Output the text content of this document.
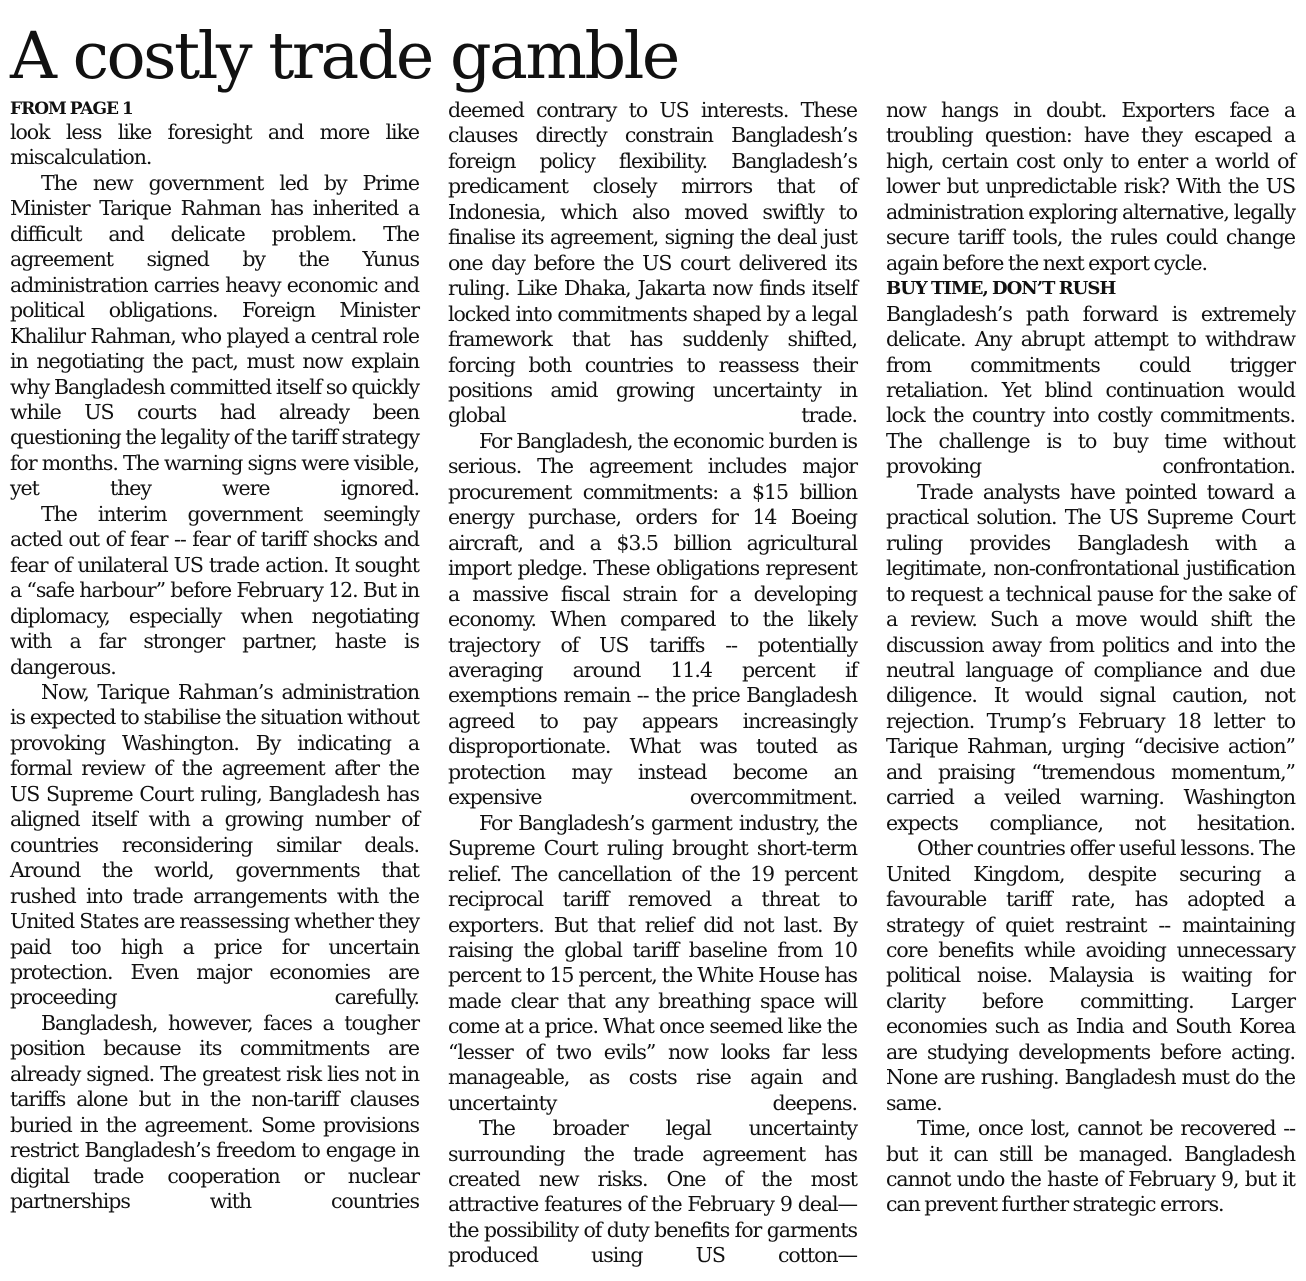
A costly trade gamble
FROM PAGE 1

look less like foresight and more like miscalculation.

The new government led by Prime Minister Tarique Rahman has inherited a difficult and delicate problem. The agreement signed by the Yunus administration carries heavy economic and political obligations. Foreign Minister Khalilur Rahman, who played a central role in negotiating the pact, must now explain why Bangladesh committed itself so quickly while US courts had already been questioning the legality of the tariff strategy for months. The warning signs were visible, yet they were ignored.

The interim government seemingly acted out of fear -- fear of tariff shocks and fear of unilateral US trade action. It sought a “safe harbour” before February 12. But in diplomacy, especially when negotiating with a far stronger partner, haste is dangerous.

Now, Tarique Rahman’s administration is expected to stabilise the situation without provoking Washington. By indicating a formal review of the agreement after the US Supreme Court ruling, Bangladesh has aligned itself with a growing number of countries reconsidering similar deals. Around the world, governments that rushed into trade arrangements with the United States are reassessing whether they paid too high a price for uncertain protection. Even major economies are proceeding carefully.

Bangladesh, however, faces a tougher position because its commitments are already signed. The greatest risk lies not in tariffs alone but in the non-tariff clauses buried in the agreement. Some provisions restrict Bangladesh’s freedom to engage in digital trade cooperation or nuclear partnerships with countries

deemed contrary to US interests. These clauses directly constrain Bangladesh’s foreign policy flexibility. Bangladesh’s predicament closely mirrors that of Indonesia, which also moved swiftly to finalise its agreement, signing the deal just one day before the US court delivered its ruling. Like Dhaka, Jakarta now finds itself locked into commitments shaped by a legal framework that has suddenly shifted, forcing both countries to reassess their positions amid growing uncertainty in global trade.

For Bangladesh, the economic burden is serious. The agreement includes major procurement commitments: a $15 billion energy purchase, orders for 14 Boeing aircraft, and a $3.5 billion agricultural import pledge. These obligations represent a massive fiscal strain for a developing economy. When compared to the likely trajectory of US tariffs -- potentially averaging around 11.4 percent if exemptions remain -- the price Bangladesh agreed to pay appears increasingly disproportionate. What was touted as protection may instead become an expensive overcommitment.

For Bangladesh’s garment industry, the Supreme Court ruling brought short-term relief. The cancellation of the 19 percent reciprocal tariff removed a threat to exporters. But that relief did not last. By raising the global tariff baseline from 10 percent to 15 percent, the White House has made clear that any breathing space will come at a price. What once seemed like the “lesser of two evils” now looks far less manageable, as costs rise again and uncertainty deepens.

The broader legal uncertainty surrounding the trade agreement has created new risks. One of the most attractive features of the February 9 deal—the possibility of duty benefits for garments produced using US cotton—

now hangs in doubt. Exporters face a troubling question: have they escaped a high, certain cost only to enter a world of lower but unpredictable risk? With the US administration exploring alternative, legally secure tariff tools, the rules could change again before the next export cycle.

BUY TIME, DON’T RUSH

Bangladesh’s path forward is extremely delicate. Any abrupt attempt to withdraw from commitments could trigger retaliation. Yet blind continuation would lock the country into costly commitments. The challenge is to buy time without provoking confrontation.

Trade analysts have pointed toward a practical solution. The US Supreme Court ruling provides Bangladesh with a legitimate, non-confrontational justification to request a technical pause for the sake of a review. Such a move would shift the discussion away from politics and into the neutral language of compliance and due diligence. It would signal caution, not rejection. Trump’s February 18 letter to Tarique Rahman, urging “decisive action” and praising “tremendous momentum,” carried a veiled warning. Washington expects compliance, not hesitation.

Other countries offer useful lessons. The United Kingdom, despite securing a favourable tariff rate, has adopted a strategy of quiet restraint -- maintaining core benefits while avoiding unnecessary political noise. Malaysia is waiting for clarity before committing. Larger economies such as India and South Korea are studying developments before acting. None are rushing. Bangladesh must do the same.

Time, once lost, cannot be recovered -- but it can still be managed. Bangladesh cannot undo the haste of February 9, but it can prevent further strategic errors.
